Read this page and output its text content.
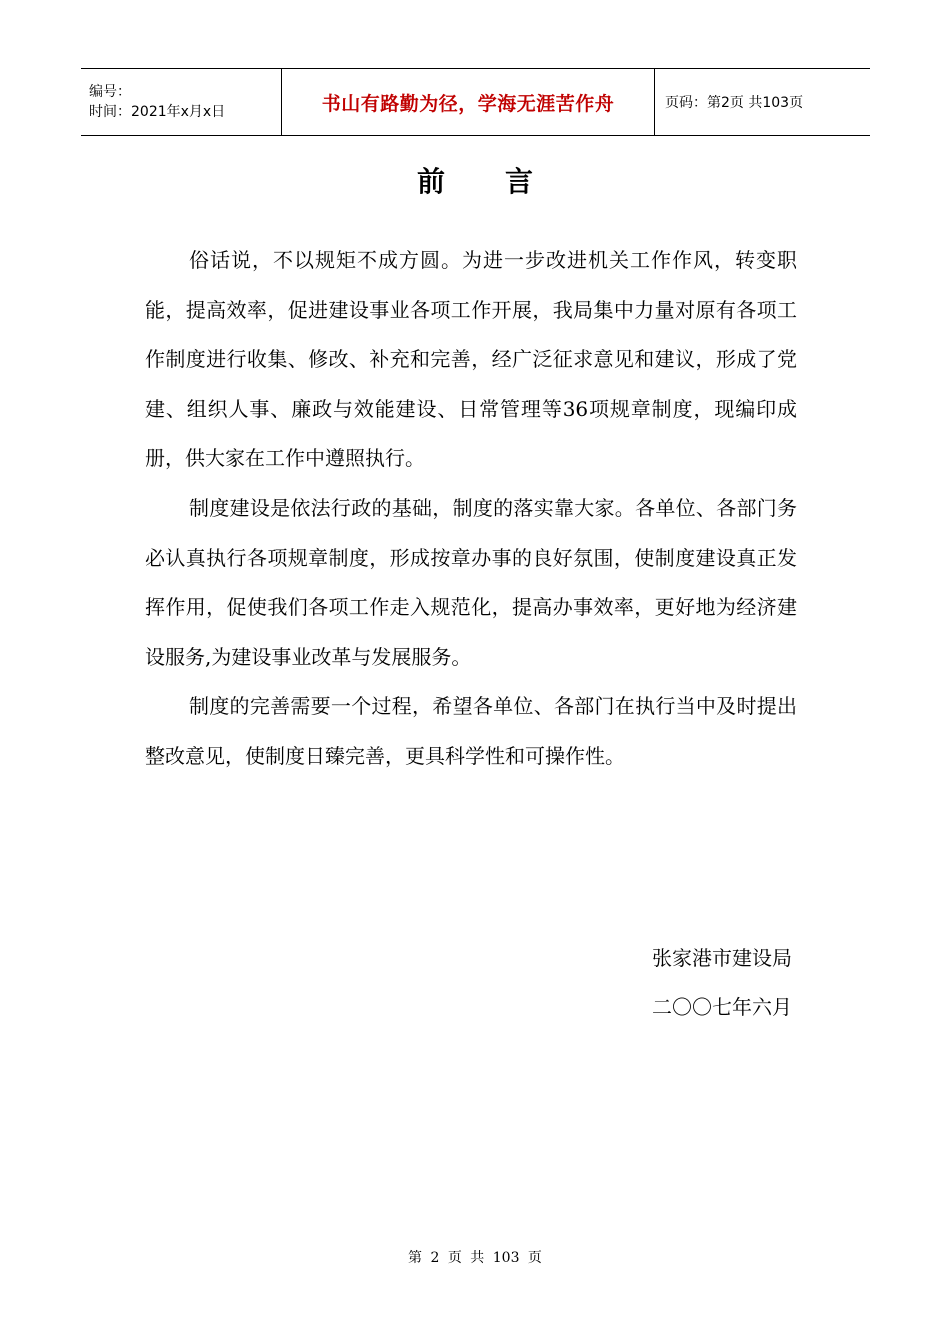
编号：
时间：2021年x月x日	书山有路勤为径，学海无涯苦作舟	页码：第2页 共103页
前言

俗话说，不以规矩不成方圆。为进一步改进机关工作作风，转变职能，提高效率，促进建设事业各项工作开展，我局集中力量对原有各项工作制度进行收集、修改、补充和完善，经广泛征求意见和建议，形成了党建、组织人事、廉政与效能建设、日常管理等36项规章制度，现编印成册，供大家在工作中遵照执行。

制度建设是依法行政的基础，制度的落实靠大家。各单位、各部门务必认真执行各项规章制度，形成按章办事的良好氛围，使制度建设真正发挥作用，促使我们各项工作走入规范化，提高办事效率，更好地为经济建设服务,为建设事业改革与发展服务。

制度的完善需要一个过程，希望各单位、各部门在执行当中及时提出整改意见，使制度日臻完善，更具科学性和可操作性。

张家港市建设局
二〇〇七年六月
第 2 页 共 103 页
